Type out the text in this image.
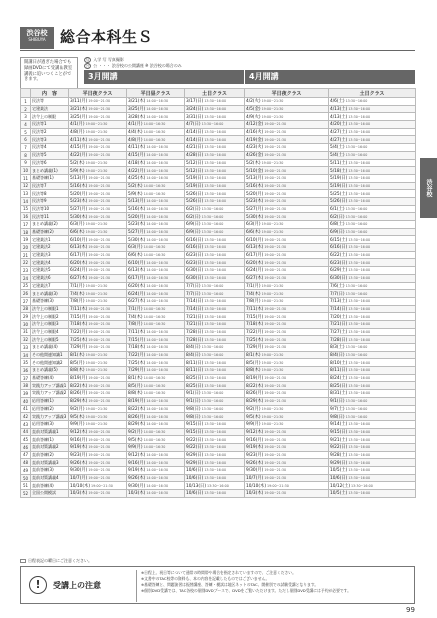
渋谷校
SHIBUYA 総合本科生Ｓ
開講日が過ぎた場合でも録画DVDにて受講＆教室講義に追いつくことができます。
写 入学 写 写真撮影
公 公 ・・・ 渋谷校の公開講座 ※ 渋谷校の場合のみ
3月開講	4月開講
渋谷校
	内　容	平日夜クラス	平日昼クラス	土日クラス	平日夜クラス	土日クラス
1	民法等	3/11(月)19:00~21:30	3/21(木)14:00~16:30	3/17(日)13:30~16:00	4/2(火)19:00~21:30	4/6(土)13:30~16:00
2	宅建業法	3/21(木)19:00~21:30	3/25(月)14:00~16:30	3/24(日)13:30~16:00	4/5(金)19:00~21:30	4/13(土)13:30~16:00
3	法令上の制限	3/25(月)19:00~21:30	3/28(木)14:00~16:30	3/31(日)13:30~16:00	4/9(火)19:00~21:30	4/13(土)13:30~16:00
4	民法等1	4/1(月)19:00~21:30	4/1(月)14:00~16:30	4/7(日)13:30~16:00	4/12(金)19:00~21:30	4/20(土)13:30~16:00
5	民法等2	4/8(月)19:00~21:30	4/4(木)14:00~16:30	4/14(日)13:30~16:00	4/16(火)19:00~21:30	4/27(土)13:30~16:00
6	民法等3	4/11(木)19:00~21:30	4/8(月)14:00~16:30	4/14(日)13:30~16:00	4/19(金)19:00~21:30	4/27(土)13:30~16:00
7	民法等4	4/15(月)19:00~21:30	4/11(木)14:00~16:30	4/21(日)13:30~16:00	4/23(火)19:00~21:30	5/4(土)13:30~16:00
8	民法等5	4/22(月)19:00~21:30	4/15(月)14:00~16:30	4/28(日)13:30~16:00	4/26(金)19:00~21:30	5/4(土)13:30~16:00
9	民法等6	5/2(木)19:00~21:30	4/18(木)14:00~16:30	5/12(日)13:30~16:00	5/2(木)19:00~21:30	5/11(土)13:30~16:00
10	まとめ講義(1)	5/9(木)19:00~21:30	4/22(月)14:00~16:30	5/12(日)13:30~16:00	5/10(金)19:00~21:30	5/18(土)13:30~16:00
11	基礎答練(1)	5/13(月)19:00~21:30	4/25(木)14:00~16:30	5/19(日)13:30~16:00	5/13(月)19:00~21:30	5/19(日)13:30~16:00
12	民法等7	5/16(木)19:00~21:30	5/2(木)14:00~16:30	5/19(日)13:30~16:00	5/16(木)19:00~21:30	5/19(日)13:30~16:00
13	民法等8	5/20(月)19:00~21:30	5/9(木)14:00~16:30	5/26(日)13:30~16:00	5/20(月)19:00~21:30	5/25(土)13:30~16:00
14	民法等9	5/23(木)19:00~21:30	5/13(月)14:00~16:30	5/26(日)13:30~16:00	5/23(木)19:00~21:30	5/26(日)13:30~16:00
15	民法等10	5/27(月)19:00~21:30	5/16(木)14:00~16:30	6/2(日)13:30~16:00	5/27(月)19:00~21:30	6/1(土)13:30~16:00
16	民法等11	5/30(木)19:00~21:30	5/20(月)14:00~16:30	6/2(日)13:30~16:00	5/30(木)19:00~21:30	6/2(日)13:30~16:00
17	まとめ講義(2)	6/3(月)19:00~21:30	5/23(木)14:00~16:30	6/9(日)13:30~16:00	6/3(月)19:00~21:30	6/8(土)13:30~16:00
18	基礎答練(2)	6/6(木)19:00~21:30	5/27(月)14:00~16:30	6/9(日)13:30~16:00	6/6(木)19:00~21:30	6/9(日)13:30~16:00
19	宅建業法1	6/10(月)19:00~21:30	5/30(木)14:00~16:30	6/16(日)13:30~16:00	6/10(月)19:00~21:30	6/15(土)13:30~16:00
20	宅建業法2	6/13(木)19:00~21:30	6/3(月)14:00~16:30	6/16(日)13:30~16:00	6/13(木)19:00~21:30	6/16(日)13:30~16:00
21	宅建業法3	6/17(月)19:00~21:30	6/6(木)14:00~16:30	6/23(日)13:30~16:00	6/17(月)19:00~21:30	6/22(土)13:30~16:00
22	宅建業法4	6/20(木)19:00~21:30	6/10(月)14:00~16:30	6/23(日)13:30~16:00	6/20(木)19:00~21:30	6/23(日)13:30~16:00
23	宅建業法5	6/24(月)19:00~21:30	6/13(木)14:00~16:30	6/30(日)13:30~16:00	6/24(月)19:00~21:30	6/29(土)13:30~16:00
24	宅建業法6	6/27(木)19:00~21:30	6/17(月)14:00~16:30	6/30(日)13:30~16:00	6/27(木)19:00~21:30	6/30(日)13:30~16:00
25	宅建業法7	7/1(月)19:00~21:30	6/20(木)14:00~16:30	7/7(日)13:30~16:00	7/1(月)19:00~21:30	7/6(土)13:30~16:00
26	まとめ講義(3)	7/4(木)19:00~21:30	6/24(月)14:00~16:30	7/7(日)13:30~16:00	7/4(木)19:00~21:30	7/7(日)13:30~16:00
27	基礎答練(3)	7/8(月)19:00~21:30	6/27(木)14:00~16:30	7/14(日)13:30~16:00	7/8(月)19:00~21:30	7/13(土)13:30~16:00
28	法令上の制限1	7/11(木)19:00~21:30	7/1(月)14:00~16:30	7/14(日)13:30~16:00	7/11(木)19:00~21:30	7/14(日)13:30~16:00
29	法令上の制限2	7/15(月)19:00~21:30	7/4(木)14:00~16:30	7/21(日)13:30~16:00	7/15(月)19:00~21:30	7/20(土)13:30~16:00
30	法令上の制限3	7/18(木)19:00~21:30	7/8(月)14:00~16:30	7/21(日)13:30~16:00	7/18(木)19:00~21:30	7/21(日)13:30~16:00
31	法令上の制限4	7/22(月)19:00~21:30	7/11(木)14:00~16:30	7/28(日)13:30~16:00	7/22(月)19:00~21:30	7/27(土)13:30~16:00
32	法令上の制限5	7/25(木)19:00~21:30	7/15(月)14:00~16:30	7/28(日)13:30~16:00	7/25(木)19:00~21:30	7/28(日)13:30~16:00
33	まとめ講義(4)	7/29(月)19:00~21:30	7/18(木)14:00~16:30	8/4(日)13:30~16:00	7/29(月)19:00~21:30	8/3(土)13:30~16:00
34	その他関連知識1	8/1(木)19:00~21:30	7/22(月)14:00~16:30	8/4(日)13:30~16:00	8/1(木)19:00~21:30	8/4(日)13:30~16:00
35	その他関連知識2	8/5(月)19:00~21:30	7/25(木)14:00~16:30	8/11(日)13:30~16:00	8/5(月)19:00~21:30	8/10(土)13:30~16:00
36	まとめ講義(5)	8/8(木)19:00~21:30	7/29(月)14:00~16:30	8/11(日)13:30~16:00	8/8(木)19:00~21:30	8/11(日)13:30~16:00
37	基礎答練(4)	8/19(月)19:00~21:30	8/1(木)14:00~16:30	8/25(日)13:30~16:00	8/19(月)19:00~21:30	8/24(土)13:30~16:00
38	実践力アップ講義1	8/22(木)19:00~21:30	8/5(月)14:00~16:30	8/25(日)13:30~16:00	8/22(木)19:00~21:30	8/25(日)13:30~16:00
39	実践力アップ講義2	8/26(月)19:00~21:30	8/8(木)14:00~16:30	9/1(日)13:30~16:00	8/26(月)19:00~21:30	8/31(土)13:30~16:00
40	応用答練(1)	8/29(木)19:00~21:30	8/19(月)14:00~16:30	9/1(日)13:30~16:00	8/29(木)19:00~21:30	9/1(日)13:30~16:00
41	応用答練(2)	9/2(月)19:00~21:30	8/22(木)14:00~16:30	9/8(日)13:30~16:00	9/2(月)19:00~21:30	9/7(土)13:30~16:00
42	実践力アップ講義3	9/5(木)19:00~21:30	8/26(月)14:00~16:30	9/8(日)13:30~16:00	9/5(木)19:00~21:30	9/8(日)13:30~16:00
43	応用答練(3)	9/9(月)19:00~21:30	8/29(木)14:00~16:30	9/15(日)13:30~16:00	9/9(月)19:00~21:30	9/14(土)13:30~16:00
44	直前対策講義1	9/12(木)19:00~21:30	9/2(月)14:00~16:30	9/15(日)13:30~16:00	9/12(木)19:00~21:30	9/15(日)13:30~16:00
45	直前答練(1)	9/16(月)19:00~21:30	9/5(木)14:00~16:30	9/22(日)13:30~16:00	9/16(月)19:00~21:30	9/21(土)13:30~16:00
46	直前対策講義2	9/19(木)19:00~21:30	9/9(月)14:00~16:30	9/22(日)13:30~16:00	9/19(木)19:00~21:30	9/22(日)13:30~16:00
47	直前答練(2)	9/23(月)19:00~21:30	9/12(木)14:00~16:30	9/29(日)13:30~16:00	9/23(月)19:00~21:30	9/28(土)13:30~16:00
48	直前対策講義3	9/26(木)19:00~21:30	9/16(月)14:00~16:30	9/29(日)13:30~16:00	9/26(木)19:00~21:30	9/29(日)13:30~16:00
49	直前答練(3)	9/30(月)19:00~21:30	9/19(木)14:00~16:30	10/6(日)13:30~16:00	9/30(月)19:00~21:30	10/5(土)13:30~16:00
50	直前対策講義4	10/7(月)19:00~21:30	9/26(木)14:00~16:30	10/6(日)13:30~16:00	10/7(月)19:00~21:30	10/6(日)13:30~16:00
51	直前答練(4)	10/10(木)19:00~21:30	9/30(月)14:00~16:30	10/13(日)13:30~16:00	10/10(木)19:00~21:30	10/12(土)13:30~16:00
52	全国公開模試	10/3(木)19:00~21:30	10/3(木)14:00~16:30	10/6(日)13:30~16:00	10/3(木)19:00~21:30	10/5(土)13:30~16:00
日程表記の曜日にご注意ください。
!	受講上の注意
※日程上、祝日等について通常の時間帯や場合を指定されていますので、ご注意ください。
※文書中のTAC校等の資料も、本の内容を記載したものではございません。
※基礎答練と、問題演習は振替講座、答練・模試は地区ネットのTAC、開催別での試験受講となります。
※個別DVD受講では、TAC各校の個別DVDブースで、DVDをご覧いただけます。ただし個別DVD受講には予約が必要です。
99
